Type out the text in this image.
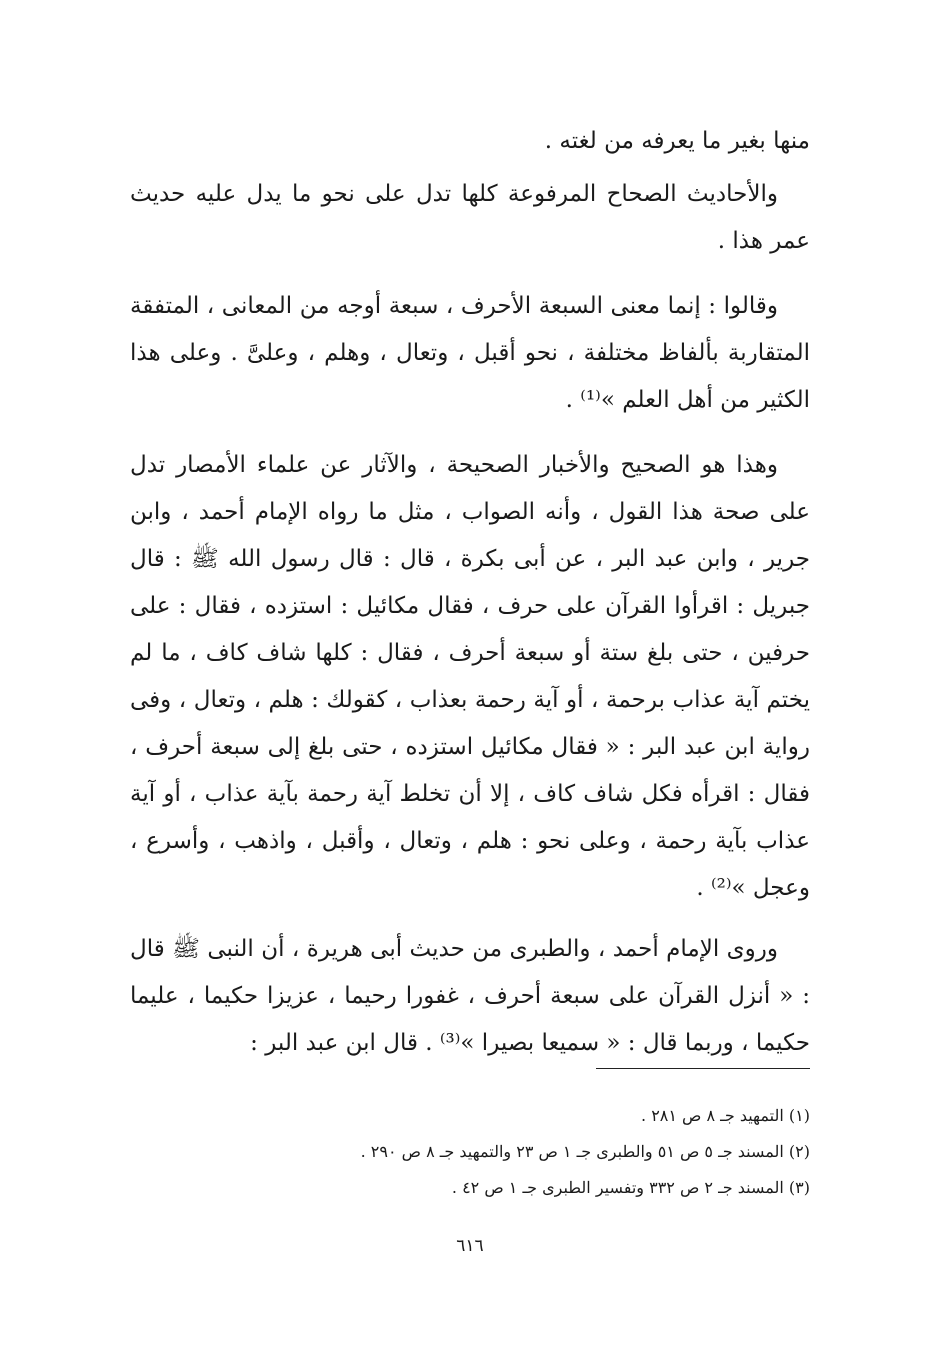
منها بغير ما يعرفه من لغته .

والأحاديث الصحاح المرفوعة كلها تدل على نحو ما يدل عليه حديث عمر هذا .

وقالوا : إنما معنى السبعة الأحرف ، سبعة أوجه من المعانى ، المتفقة المتقاربة بألفاظ مختلفة ، نحو أقبل ، وتعال ، وهلم ، وعلىَّ . وعلى هذا الكثير من أهل العلم »⁽¹⁾ .

وهذا هو الصحيح والأخبار الصحيحة ، والآثار عن علماء الأمصار تدل على صحة هذا القول ، وأنه الصواب ، مثل ما رواه الإمام أحمد ، وابن جرير ، وابن عبد البر ، عن أبى بكرة ، قال : قال رسول الله ﷺ : قال جبريل : اقرأوا القرآن على حرف ، فقال مكائيل : استزده ، فقال : على حرفين ، حتى بلغ ستة أو سبعة أحرف ، فقال : كلها شاف كاف ، ما لم يختم آية عذاب برحمة ، أو آية رحمة بعذاب ، كقولك : هلم ، وتعال ، وفى رواية ابن عبد البر : « فقال مكائيل استزده ، حتى بلغ إلى سبعة أحرف ، فقال : اقرأه فكل شاف كاف ، إلا أن تخلط آية رحمة بآية عذاب ، أو آية عذاب بآية رحمة ، وعلى نحو : هلم ، وتعال ، وأقبل ، واذهب ، وأسرع ، وعجل »⁽²⁾ .

وروى الإمام أحمد ، والطبرى من حديث أبى هريرة ، أن النبى ﷺ قال : « أنزل القرآن على سبعة أحرف ، غفورا رحيما ، عزيزا حكيما ، عليما حكيما ، وربما قال : « سميعا بصيرا »⁽³⁾ . قال ابن عبد البر :

(١) التمهيد جـ ٨ ص ٢٨١ .

(٢) المسند جـ ٥ ص ٥١ والطبرى جـ ١ ص ٢٣ والتمهيد جـ ٨ ص ٢٩٠ .

(٣) المسند جـ ٢ ص ٣٣٢ وتفسير الطبرى جـ ١ ص ٤٢ .

٦١٦
